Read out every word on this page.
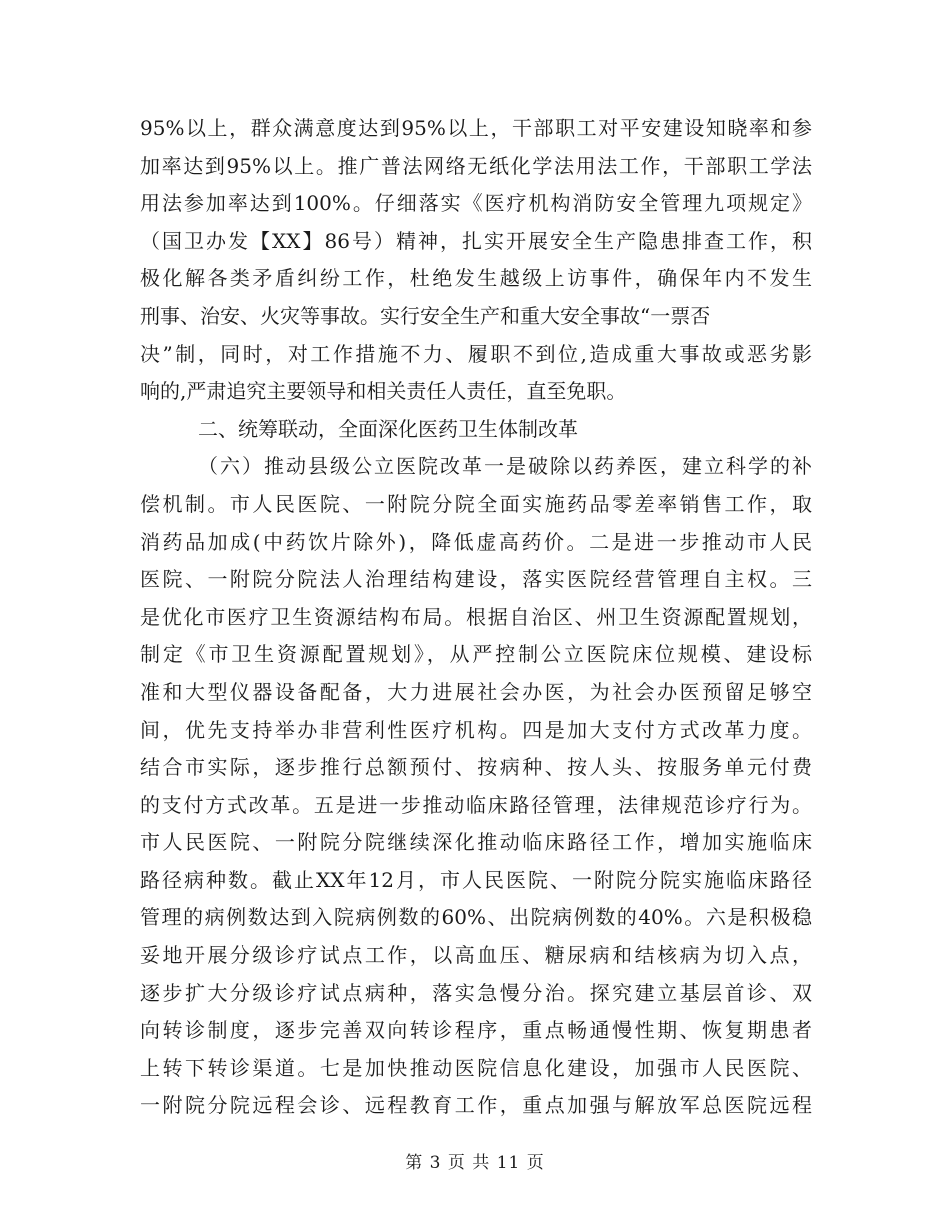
95%以上，群众满意度达到95%以上，干部职工对平安建设知晓率和参
加率达到95%以上。推广普法网络无纸化学法用法工作，干部职工学法
用法参加率达到100%。仔细落实《医疗机构消防安全管理九项规定》
（国卫办发【XX】86号）精神，扎实开展安全生产隐患排查工作，积
极化解各类矛盾纠纷工作，杜绝发生越级上访事件，确保年内不发生
刑事、治安、火灾等事故。实行安全生产和重大安全事故“一票否
决”制，同时，对工作措施不力、履职不到位,造成重大事故或恶劣影
响的,严肃追究主要领导和相关责任人责任，直至免职。
二、统筹联动，全面深化医药卫生体制改革
（六）推动县级公立医院改革一是破除以药养医，建立科学的补
偿机制。市人民医院、一附院分院全面实施药品零差率销售工作，取
消药品加成(中药饮片除外)，降低虚高药价。二是进一步推动市人民
医院、一附院分院法人治理结构建设，落实医院经营管理自主权。三
是优化市医疗卫生资源结构布局。根据自治区、州卫生资源配置规划，
制定《市卫生资源配置规划》，从严控制公立医院床位规模、建设标
准和大型仪器设备配备，大力进展社会办医，为社会办医预留足够空
间，优先支持举办非营利性医疗机构。四是加大支付方式改革力度。
结合市实际，逐步推行总额预付、按病种、按人头、按服务单元付费
的支付方式改革。五是进一步推动临床路径管理，法律规范诊疗行为。
市人民医院、一附院分院继续深化推动临床路径工作，增加实施临床
路径病种数。截止XX年12月，市人民医院、一附院分院实施临床路径
管理的病例数达到入院病例数的60%、出院病例数的40%。六是积极稳
妥地开展分级诊疗试点工作，以高血压、糖尿病和结核病为切入点，
逐步扩大分级诊疗试点病种，落实急慢分治。探究建立基层首诊、双
向转诊制度，逐步完善双向转诊程序，重点畅通慢性期、恢复期患者
上转下转诊渠道。七是加快推动医院信息化建设，加强市人民医院、
一附院分院远程会诊、远程教育工作，重点加强与解放军总医院远程
第 3 页 共 11 页
